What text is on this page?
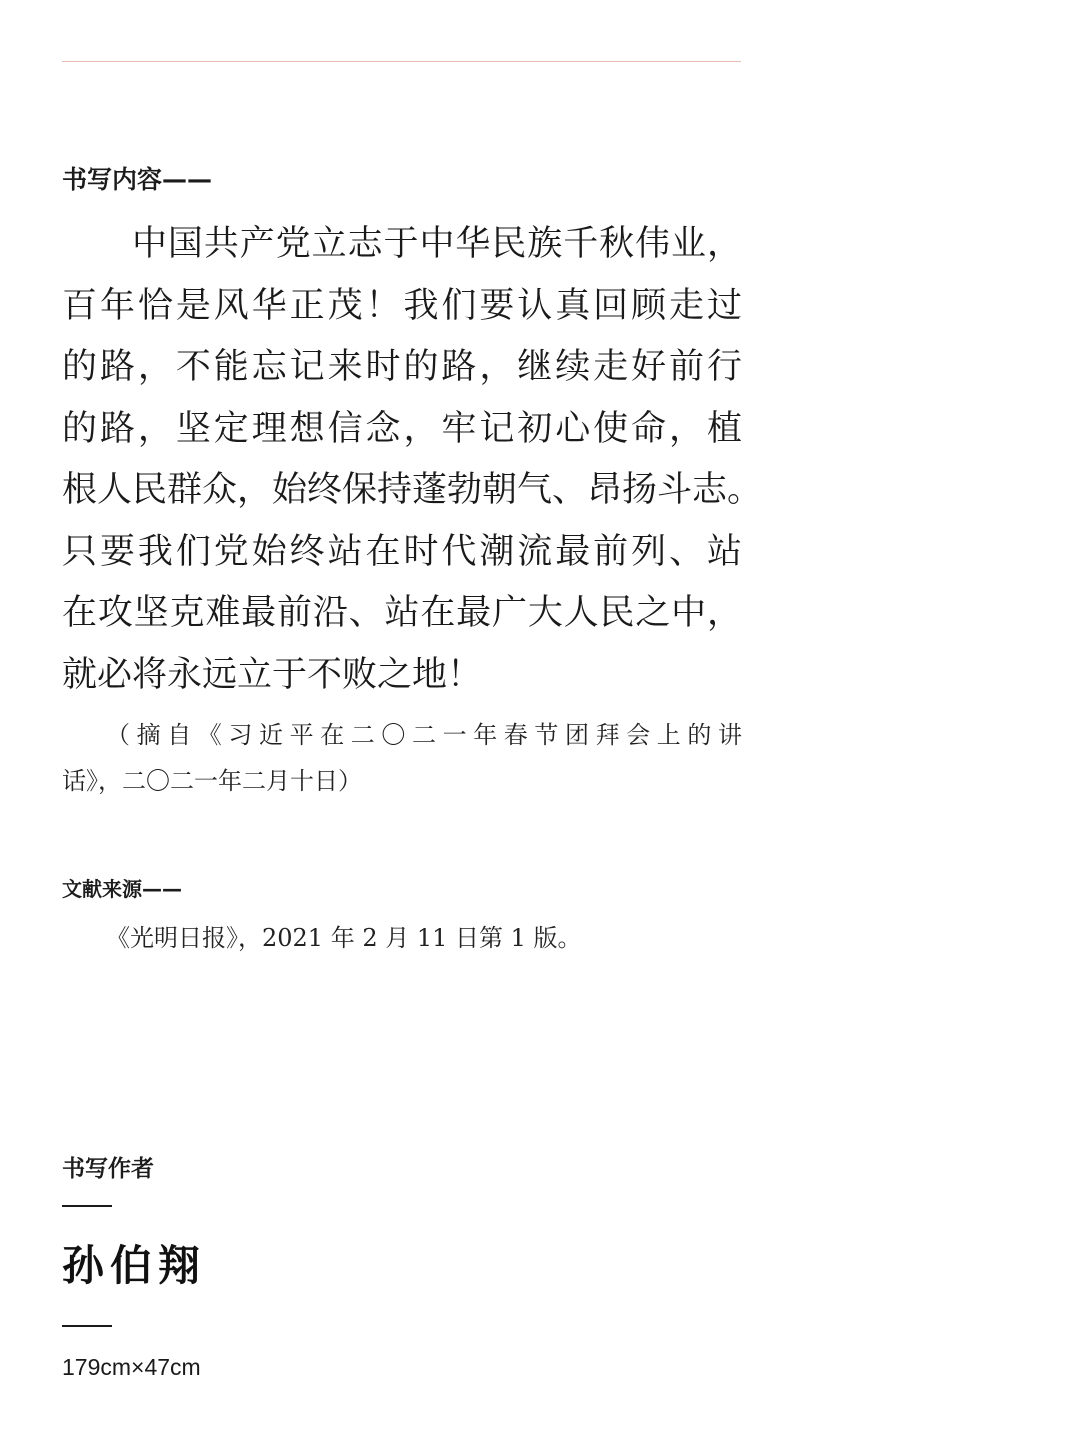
书写内容——
中国共产党立志于中华民族千秋伟业，
百年恰是风华正茂！我们要认真回顾走过
的路，不能忘记来时的路，继续走好前行
的路，坚定理想信念，牢记初心使命，植
根人民群众，始终保持蓬勃朝气、昂扬斗志。
只要我们党始终站在时代潮流最前列、站
在攻坚克难最前沿、站在最广大人民之中，
就必将永远立于不败之地！
（摘自《习近平在二〇二一年春节团拜会上的讲
话》，二〇二一年二月十日）
文献来源——

《光明日报》，2021 年 2 月 11 日第 1 版。

书写作者

孙伯翔

179cm×47cm
